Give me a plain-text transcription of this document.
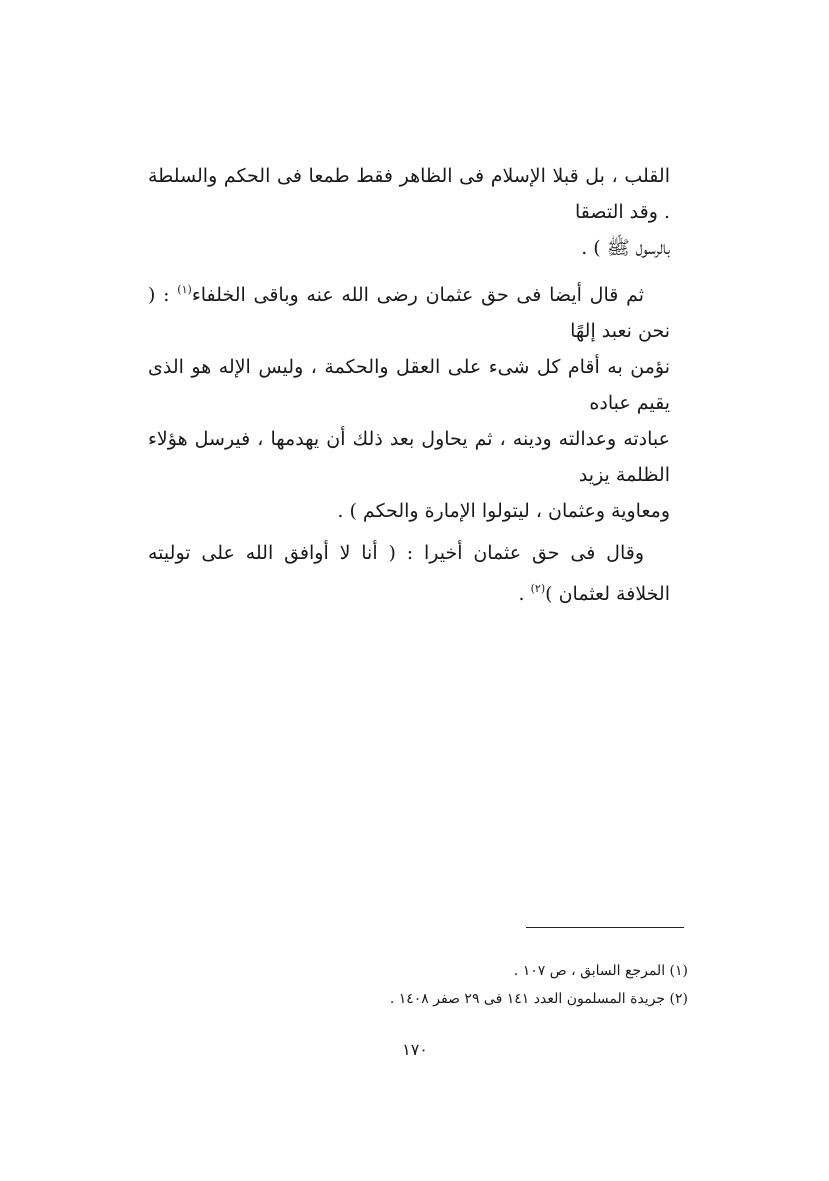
القلب ، بل قبلا الإسلام فى الظاهر فقط طمعا فى الحكم والسلطة . وقد التصقا
بالرسول ﷺ ) .

ثم قال أيضا فى حق عثمان رضى الله عنه وباقى الخلفاء$^{(١)}$ : ( نحن نعبد إلهًا
نؤمن به أقام كل شىء على العقل والحكمة ، وليس الإله هو الذى يقيم عباده
عبادته وعدالته ودينه ، ثم يحاول بعد ذلك أن يهدمها ، فيرسل هؤلاء الظلمة يزيد
ومعاوية وعثمان ، ليتولوا الإمارة والحكم ) .

وقال فى حق عثمان أخيرا : ( أنا لا أوافق الله على توليته الخلافة لعثمان )$^{(٢)}$ .

(١) المرجع السابق ، ص ١٠٧ .

(٢) جريدة المسلمون العدد ١٤١ فى ٢٩ صفر ١٤٠٨ .

١٧٠
